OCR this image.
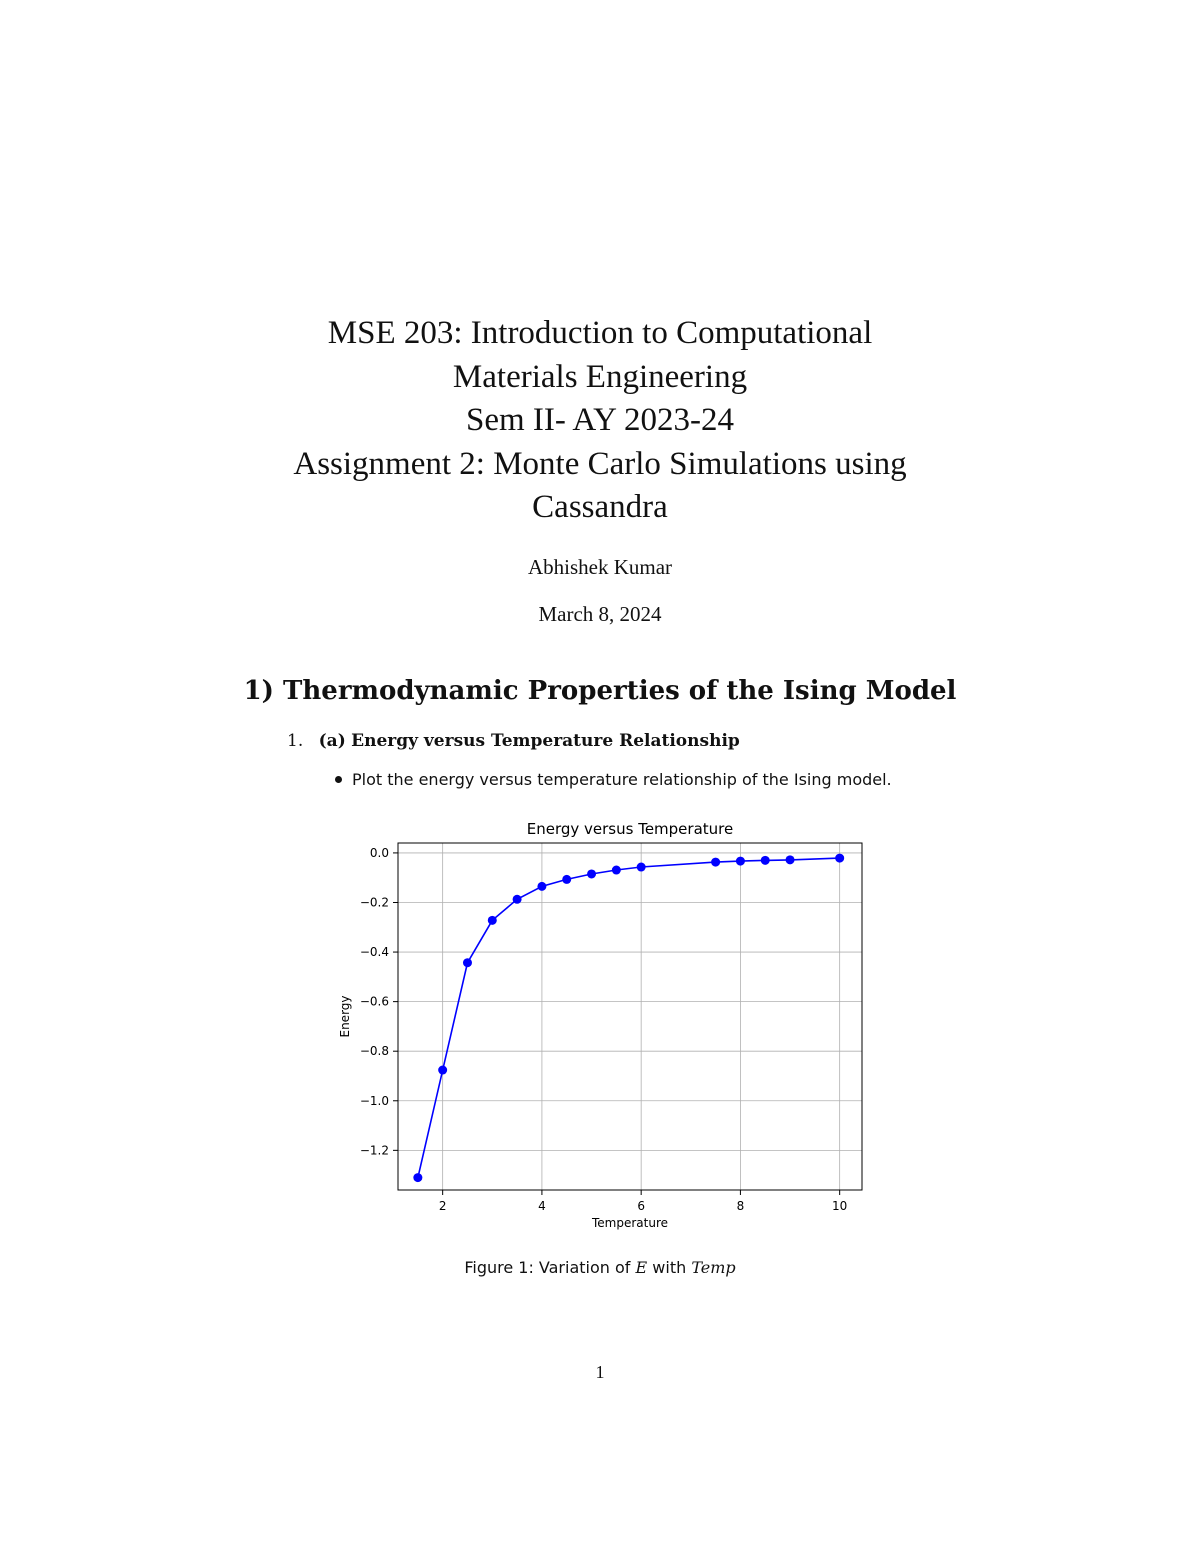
MSE 203: Introduction to Computational
Materials Engineering
Sem II- AY 2023-24
Assignment 2: Monte Carlo Simulations using
Cassandra
Abhishek Kumar
March 8, 2024
1) Thermodynamic Properties of the Ising Model
1. (a) Energy versus Temperature Relationship
Plot the energy versus temperature relationship of the Ising model.
2	4	6	8	10
0.0
−0.2
−0.4
−0.6
−0.8
−1.0
−1.2
Energy versus Temperature
Temperature
Energy
Figure 1: Variation of E with Temp
1
